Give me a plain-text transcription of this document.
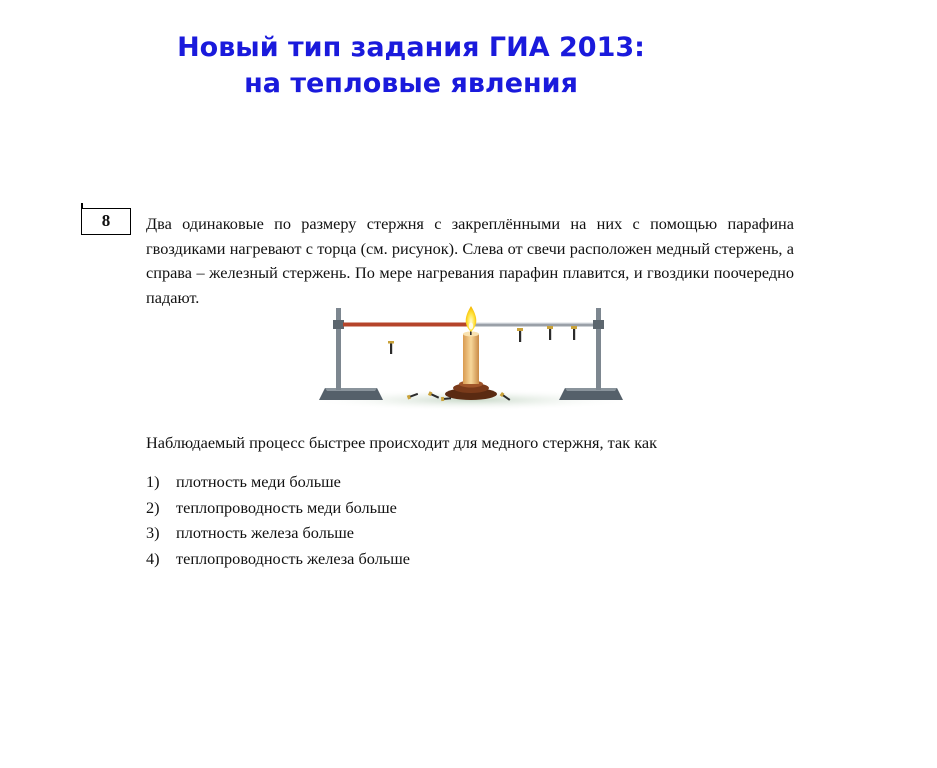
Новый тип задания ГИА 2013:
на тепловые явления
8	Два одинаковые по размеру стержня с закреплёнными на них с помощью парафина гвоздиками нагревают с торца (см. рисунок). Слева от свечи расположен медный стержень, а справа – железный стержень. По мере нагревания парафин плавится, и гвоздики поочередно падают.
Наблюдаемый процесс быстрее происходит для медного стержня, так как
1)	плотность меди больше
2)	теплопроводность меди больше
3)	плотность железа больше
4)	теплопроводность железа больше
